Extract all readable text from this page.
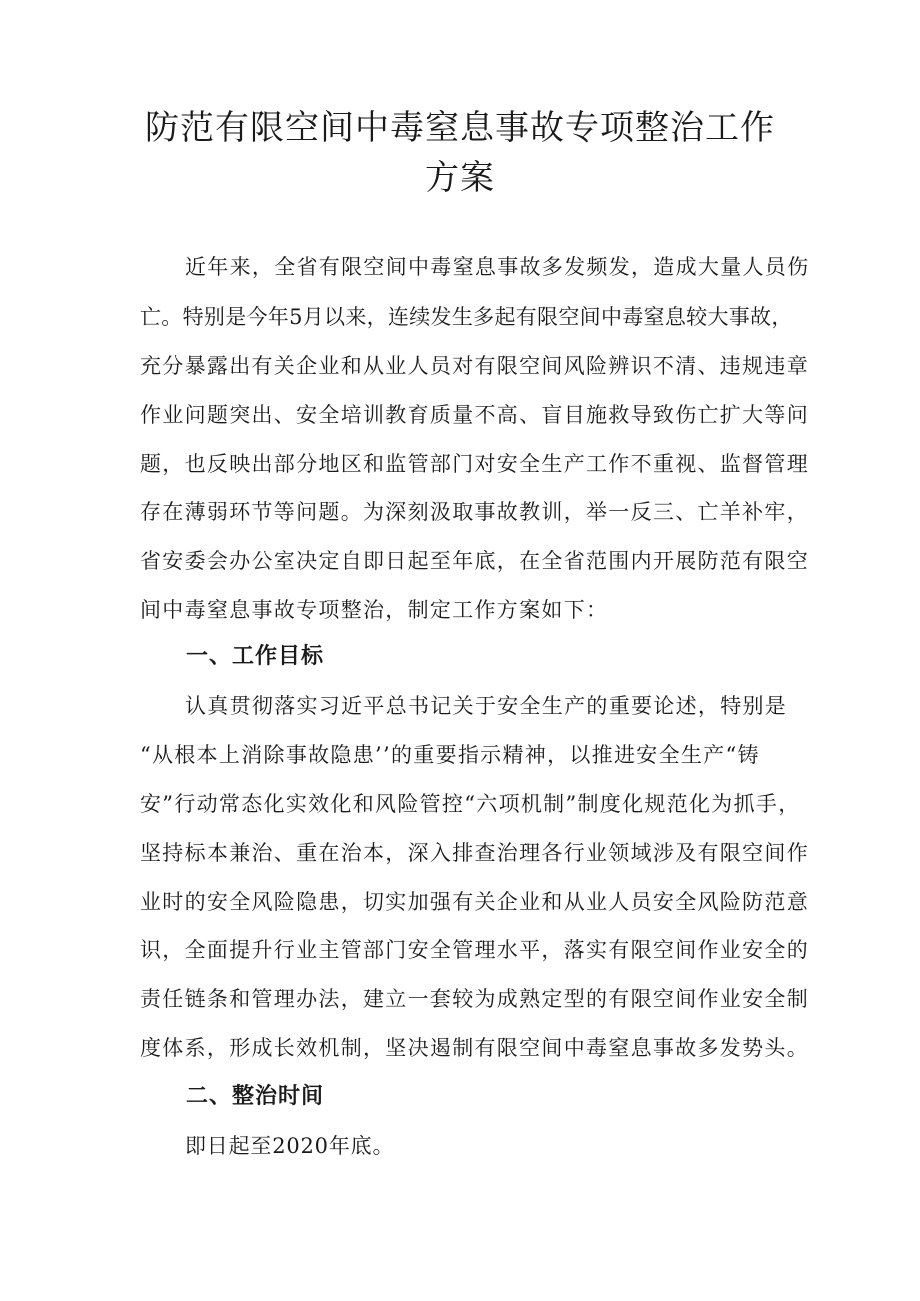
防范有限空间中毒窒息事故专项整治工作
方案
近年来，全省有限空间中毒窒息事故多发频发，造成大量人员伤
亡。特别是今年5月以来，连续发生多起有限空间中毒窒息较大事故，
充分暴露出有关企业和从业人员对有限空间风险辨识不清、违规违章
作业问题突出、安全培训教育质量不高、盲目施救导致伤亡扩大等问
题，也反映出部分地区和监管部门对安全生产工作不重视、监督管理
存在薄弱环节等问题。为深刻汲取事故教训，举一反三、亡羊补牢，
省安委会办公室决定自即日起至年底，在全省范围内开展防范有限空
间中毒窒息事故专项整治，制定工作方案如下：
一、工作目标
认真贯彻落实习近平总书记关于安全生产的重要论述，特别是
“从根本上消除事故隐患’’的重要指示精神，以推进安全生产“铸
安”行动常态化实效化和风险管控“六项机制”制度化规范化为抓手，
坚持标本兼治、重在治本，深入排查治理各行业领域涉及有限空间作
业时的安全风险隐患，切实加强有关企业和从业人员安全风险防范意
识，全面提升行业主管部门安全管理水平，落实有限空间作业安全的
责任链条和管理办法，建立一套较为成熟定型的有限空间作业安全制
度体系，形成长效机制，坚决遏制有限空间中毒窒息事故多发势头。
二、整治时间
即日起至2020年底。
